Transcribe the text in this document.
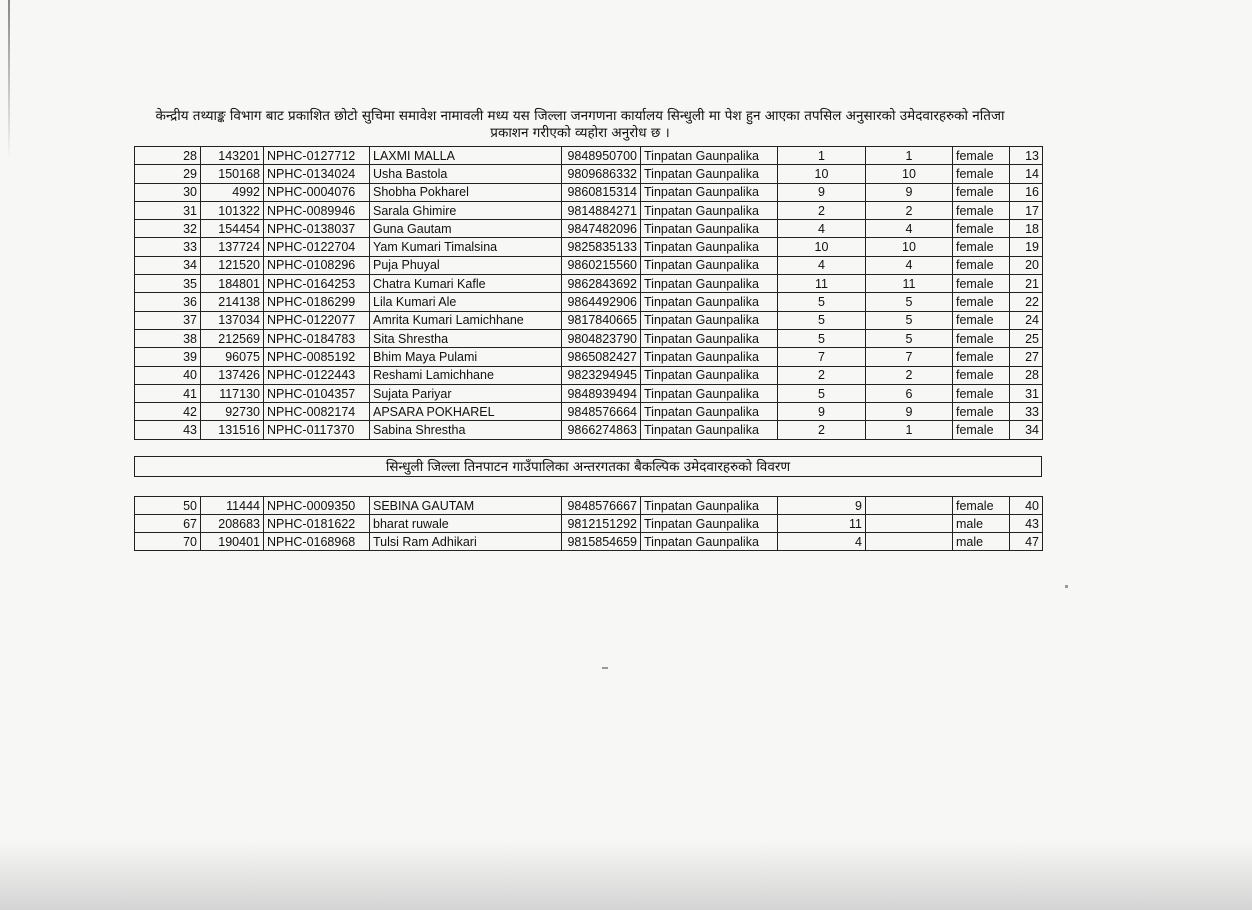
केन्द्रीय तथ्याङ्क विभाग बाट प्रकाशित छोटो सुचिमा समावेश नामावली मध्य यस जिल्ला जनगणना कार्यालय सिन्धुली मा पेश हुन आएका तपसिल अनुसारको उमेदवारहरुको नतिजा प्रकाशन गरीएको व्यहोरा अनुरोध छ ।
28	143201	NPHC-0127712	LAXMI MALLA	9848950700	Tinpatan Gaunpalika	1	1	female	13
29	150168	NPHC-0134024	Usha Bastola	9809686332	Tinpatan Gaunpalika	10	10	female	14
30	4992	NPHC-0004076	Shobha Pokharel	9860815314	Tinpatan Gaunpalika	9	9	female	16
31	101322	NPHC-0089946	Sarala Ghimire	9814884271	Tinpatan Gaunpalika	2	2	female	17
32	154454	NPHC-0138037	Guna Gautam	9847482096	Tinpatan Gaunpalika	4	4	female	18
33	137724	NPHC-0122704	Yam Kumari Timalsina	9825835133	Tinpatan Gaunpalika	10	10	female	19
34	121520	NPHC-0108296	Puja Phuyal	9860215560	Tinpatan Gaunpalika	4	4	female	20
35	184801	NPHC-0164253	Chatra Kumari Kafle	9862843692	Tinpatan Gaunpalika	11	11	female	21
36	214138	NPHC-0186299	Lila Kumari Ale	9864492906	Tinpatan Gaunpalika	5	5	female	22
37	137034	NPHC-0122077	Amrita Kumari Lamichhane	9817840665	Tinpatan Gaunpalika	5	5	female	24
38	212569	NPHC-0184783	Sita Shrestha	9804823790	Tinpatan Gaunpalika	5	5	female	25
39	96075	NPHC-0085192	Bhim Maya Pulami	9865082427	Tinpatan Gaunpalika	7	7	female	27
40	137426	NPHC-0122443	Reshami Lamichhane	9823294945	Tinpatan Gaunpalika	2	2	female	28
41	117130	NPHC-0104357	Sujata Pariyar	9848939494	Tinpatan Gaunpalika	5	6	female	31
42	92730	NPHC-0082174	APSARA POKHAREL	9848576664	Tinpatan Gaunpalika	9	9	female	33
43	131516	NPHC-0117370	Sabina Shrestha	9866274863	Tinpatan Gaunpalika	2	1	female	34
सिन्धुली जिल्ला तिनपाटन गाउँपालिका अन्तरगतका बैकल्पिक उमेदवारहरुको विवरण
50	11444	NPHC-0009350	SEBINA GAUTAM	9848576667	Tinpatan Gaunpalika	9		female	40
67	208683	NPHC-0181622	bharat ruwale	9812151292	Tinpatan Gaunpalika	11		male	43
70	190401	NPHC-0168968	Tulsi Ram Adhikari	9815854659	Tinpatan Gaunpalika	4		male	47
